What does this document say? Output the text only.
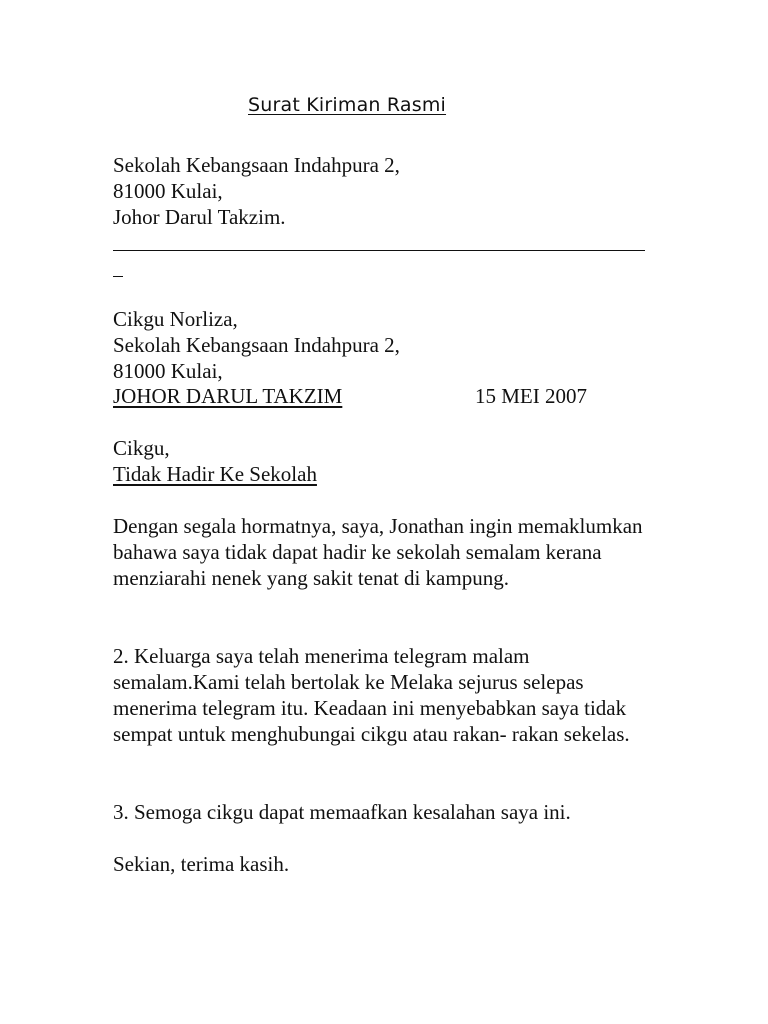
Surat Kiriman Rasmi
Sekolah Kebangsaan Indahpura 2,
81000 Kulai,
Johor Darul Takzim.
Cikgu Norliza,
Sekolah Kebangsaan Indahpura 2,
81000 Kulai,
JOHOR DARUL TAKZIM	15 MEI 2007
Cikgu,
Tidak Hadir Ke Sekolah
Dengan segala hormatnya, saya, Jonathan ingin memaklumkan bahawa saya tidak dapat hadir ke sekolah semalam kerana menziarahi nenek yang sakit tenat di kampung.
2. Keluarga saya telah menerima telegram malam semalam.Kami telah bertolak ke Melaka sejurus selepas menerima telegram itu. Keadaan ini menyebabkan saya tidak sempat untuk menghubungai cikgu atau rakan- rakan sekelas.
3. Semoga cikgu dapat memaafkan kesalahan saya ini.
Sekian, terima kasih.
